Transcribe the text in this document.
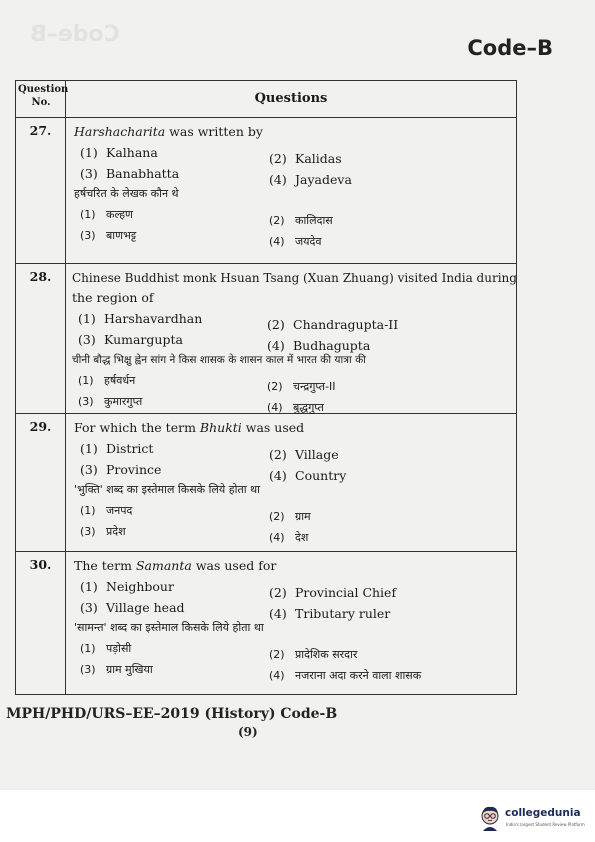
Code–B
Code–B
Question
No.	Questions
27.	Harshacharita was written by
(1) Kalhana	(2) Kalidas
(3) Banabhatta	(4) Jayadeva
हर्षचरित के लेखक कौन थे
(1) कल्हण	(2) कालिदास
(3) बाणभट्ट	(4) जयदेव
28.	Chinese Buddhist monk Hsuan Tsang (Xuan Zhuang) visited India during
the region of
(1) Harshavardhan	(2) Chandragupta-II
(3) Kumargupta	(4) Budhagupta
चीनी बौद्ध भिक्षु ह्वेन सांग ने किस शासक के शासन काल में भारत की यात्रा की
(1) हर्षवर्धन	(2) चन्द्रगुप्त-II
(3) कुमारगुप्त	(4) बुद्धगुप्त
29.	For which the term Bhukti was used
(1) District	(2) Village
(3) Province	(4) Country
'भुक्ति' शब्द का इस्तेमाल किसके लिये होता था
(1) जनपद	(2) ग्राम
(3) प्रदेश	(4) देश
30.	The term Samanta was used for
(1) Neighbour	(2) Provincial Chief
(3) Village head	(4) Tributary ruler
'सामन्त' शब्द का इस्तेमाल किसके लिये होता था
(1) पड़ोसी	(2) प्रादेशिक सरदार
(3) ग्राम मुखिया	(4) नजराना अदा करने वाला शासक
MPH/PHD/URS–EE–2019 (History) Code-B
(9)
collegedunia
India's largest Student Review Platform
